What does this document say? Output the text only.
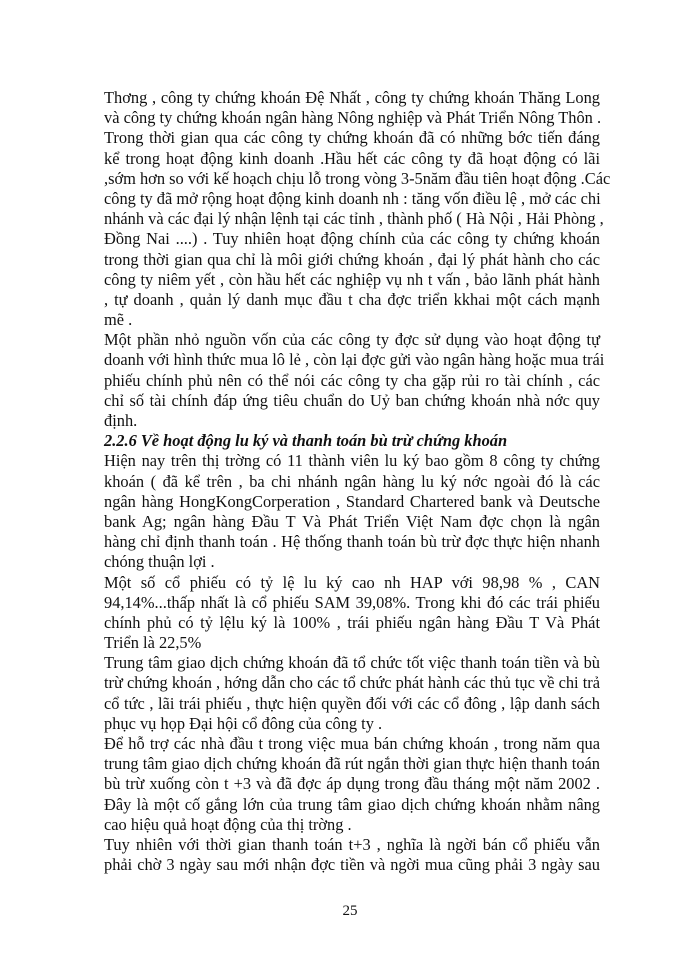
Thơng , công ty chứng khoán Đệ Nhất , công ty chứng khoán Thăng Long
và công ty chứng khoán ngân hàng Nông nghiệp và Phát Triển Nông Thôn .
Trong thời gian qua các công ty chứng khoán đã có những bớc tiến đáng
kể trong hoạt động kinh doanh .Hầu hết các công ty đã hoạt động có lãi
,sớm hơn so với kế hoạch chịu lỗ trong vòng 3-5năm đầu tiên hoạt động .Các
công ty đã mở rộng hoạt động kinh doanh nh : tăng vốn điều lệ , mở các chi
nhánh và các đại lý nhận lệnh tại các tỉnh , thành phố ( Hà Nội , Hải Phòng ,
Đồng Nai ....) . Tuy nhiên hoạt động chính của các công ty chứng khoán
trong thời gian qua chỉ là môi giới chứng khoán , đại lý phát hành cho các
công ty niêm yết , còn hầu hết các nghiệp vụ nh t vấn , bảo lãnh phát hành
, tự doanh , quản lý danh mục đầu t cha đợc triển kkhai một cách mạnh
mẽ .
Một phần nhỏ nguồn vốn của các công ty đợc sử dụng vào hoạt động tự
doanh với hình thức mua lô lẻ , còn lại đợc gửi vào ngân hàng hoặc mua trái
phiếu chính phủ nên có thể nói các công ty cha gặp rủi ro tài chính , các
chỉ số tài chính đáp ứng tiêu chuẩn do Uỷ ban chứng khoán nhà nớc quy
định.
2.2.6 Về hoạt động lu ký và thanh toán bù trừ chứng khoán
Hiện nay trên thị trờng có 11 thành viên lu ký bao gồm 8 công ty chứng
khoán ( đã kể trên , ba chi nhánh ngân hàng lu ký nớc ngoài đó là các
ngân hàng HongKongCorperation , Standard Chartered bank và Deutsche
bank Ag; ngân hàng Đầu T Và Phát Triển Việt Nam đợc chọn là ngân
hàng chỉ định thanh toán . Hệ thống thanh toán bù trừ đợc thực hiện nhanh
chóng thuận lợi .
Một số cổ phiếu có tỷ lệ lu ký cao nh HAP với 98,98 % , CAN
94,14%...thấp nhất là cổ phiếu SAM 39,08%. Trong khi đó các trái phiếu
chính phủ có tỷ lệlu ký là 100% , trái phiếu ngân hàng Đầu T Và Phát
Triển là 22,5%
Trung tâm giao dịch chứng khoán đã tổ chức tốt việc thanh toán tiền và bù
trừ chứng khoán , hớng dẫn cho các tổ chức phát hành các thủ tục về chi trả
cổ tức , lãi trái phiếu , thực hiện quyền đối với các cổ đông , lập danh sách
phục vụ họp Đại hội cổ đông của công ty .
Để hỗ trợ các nhà đầu t trong việc mua bán chứng khoán , trong năm qua
trung tâm giao dịch chứng khoán đã rút ngắn thời gian thực hiện thanh toán
bù trừ xuống còn t +3 và đã đợc áp dụng trong đầu tháng một năm 2002 .
Đây là một cố gắng lớn của trung tâm giao dịch chứng khoán nhằm nâng
cao hiệu quả hoạt động của thị trờng .
Tuy nhiên với thời gian thanh toán t+3 , nghĩa là ngời bán cổ phiếu vẫn
phải chờ 3 ngày sau mới nhận đợc tiền và ngời mua cũng phải 3 ngày sau
25
